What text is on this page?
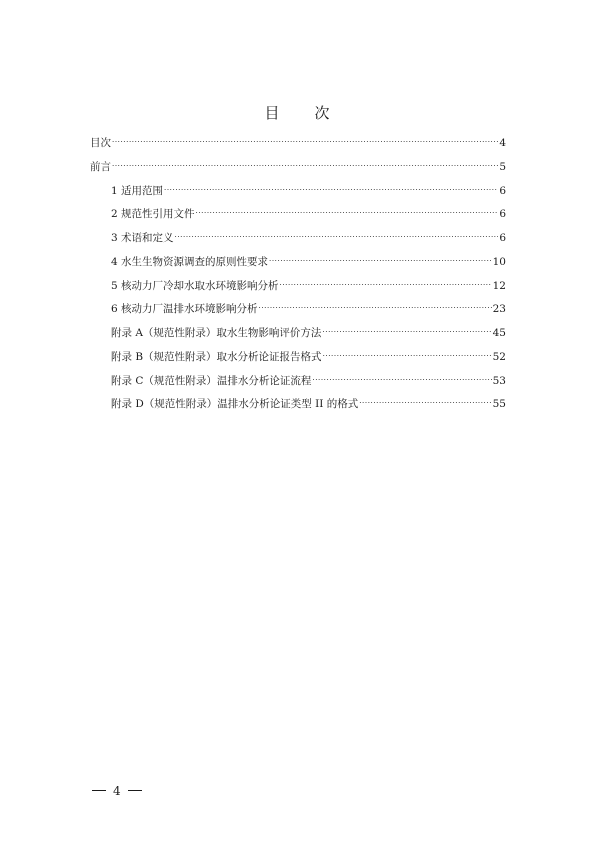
目 次
目次 .....	4
前言 .....	5
1 适用范围 .....	6
2 规范性引用文件 .....	6
3 术语和定义 .....	6
4 水生生物资源调查的原则性要求 .....	10
5 核动力厂冷却水取水环境影响分析 .....	12
6 核动力厂温排水环境影响分析 .....	23
附录 A（规范性附录）取水生物影响评价方法 .....	45
附录 B（规范性附录）取水分析论证报告格式 .....	52
附录 C（规范性附录）温排水分析论证流程 .....	53
附录 D（规范性附录）温排水分析论证类型 II 的格式 .....	55
4
